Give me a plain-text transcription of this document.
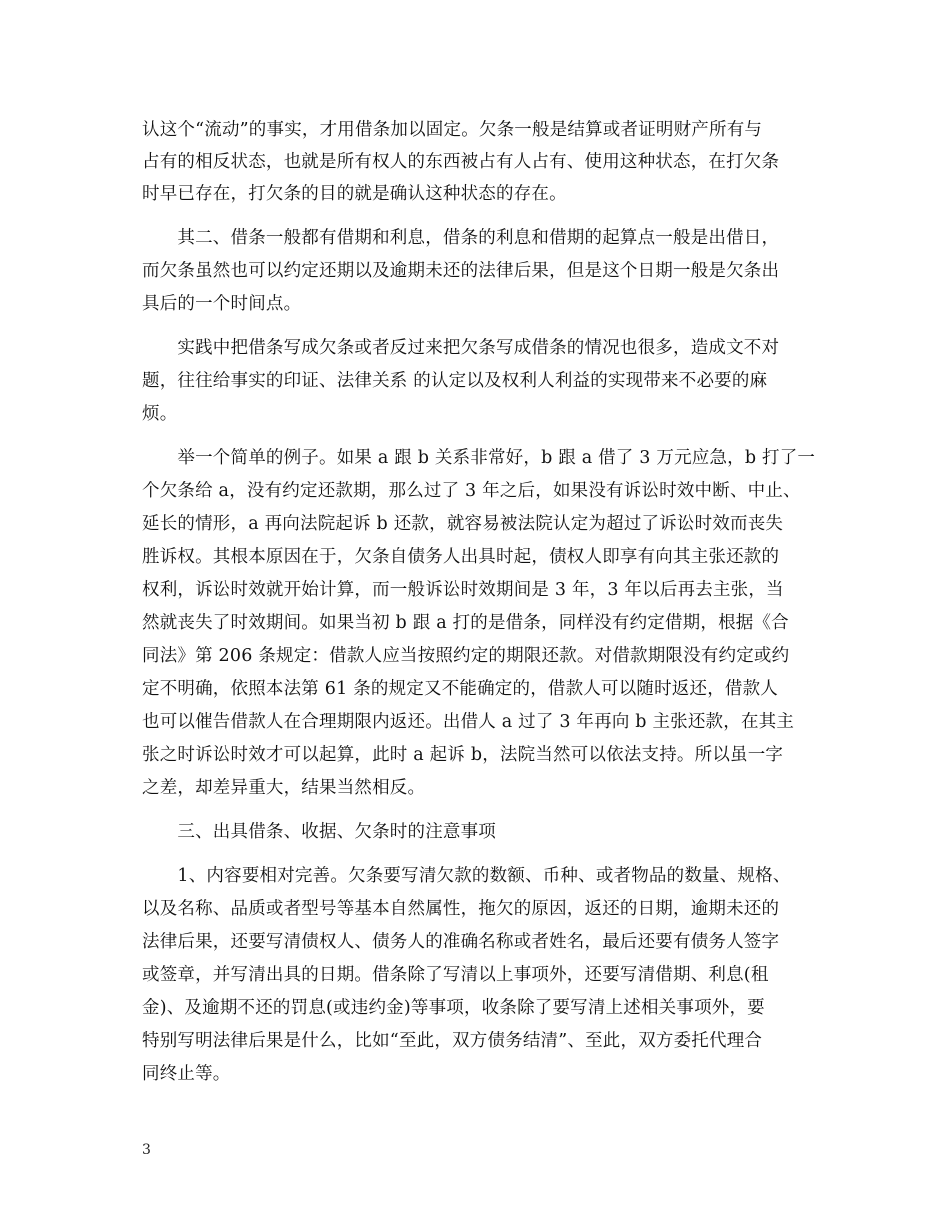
认这个“流动”的事实，才用借条加以固定。欠条一般是结算或者证明财产所有与
占有的相反状态，也就是所有权人的东西被占有人占有、使用这种状态，在打欠条
时早已存在，打欠条的目的就是确认这种状态的存在。
　　其二、借条一般都有借期和利息，借条的利息和借期的起算点一般是出借日，
而欠条虽然也可以约定还期以及逾期未还的法律后果，但是这个日期一般是欠条出
具后的一个时间点。
　　实践中把借条写成欠条或者反过来把欠条写成借条的情况也很多，造成文不对
题，往往给事实的印证、法律关系 的认定以及权利人利益的实现带来不必要的麻
烦。
　　举一个简单的例子。如果 a 跟 b 关系非常好，b 跟 a 借了 3 万元应急，b 打了一
个欠条给 a，没有约定还款期，那么过了 3 年之后，如果没有诉讼时效中断、中止、
延长的情形，a 再向法院起诉 b 还款，就容易被法院认定为超过了诉讼时效而丧失
胜诉权。其根本原因在于，欠条自债务人出具时起，债权人即享有向其主张还款的
权利，诉讼时效就开始计算，而一般诉讼时效期间是 3 年，3 年以后再去主张，当
然就丧失了时效期间。如果当初 b 跟 a 打的是借条，同样没有约定借期，根据《合
同法》第 206 条规定：借款人应当按照约定的期限还款。对借款期限没有约定或约
定不明确，依照本法第 61 条的规定又不能确定的，借款人可以随时返还，借款人
也可以催告借款人在合理期限内返还。出借人 a 过了 3 年再向 b 主张还款，在其主
张之时诉讼时效才可以起算，此时 a 起诉 b，法院当然可以依法支持。所以虽一字
之差，却差异重大，结果当然相反。
　　三、出具借条、收据、欠条时的注意事项
　　1、内容要相对完善。欠条要写清欠款的数额、币种、或者物品的数量、规格、
以及名称、品质或者型号等基本自然属性，拖欠的原因，返还的日期，逾期未还的
法律后果，还要写清债权人、债务人的准确名称或者姓名，最后还要有债务人签字
或签章，并写清出具的日期。借条除了写清以上事项外，还要写清借期、利息(租
金)、及逾期不还的罚息(或违约金)等事项，收条除了要写清上述相关事项外，要
特别写明法律后果是什么，比如“至此，双方债务结清”、至此，双方委托代理合
同终止等。
3
